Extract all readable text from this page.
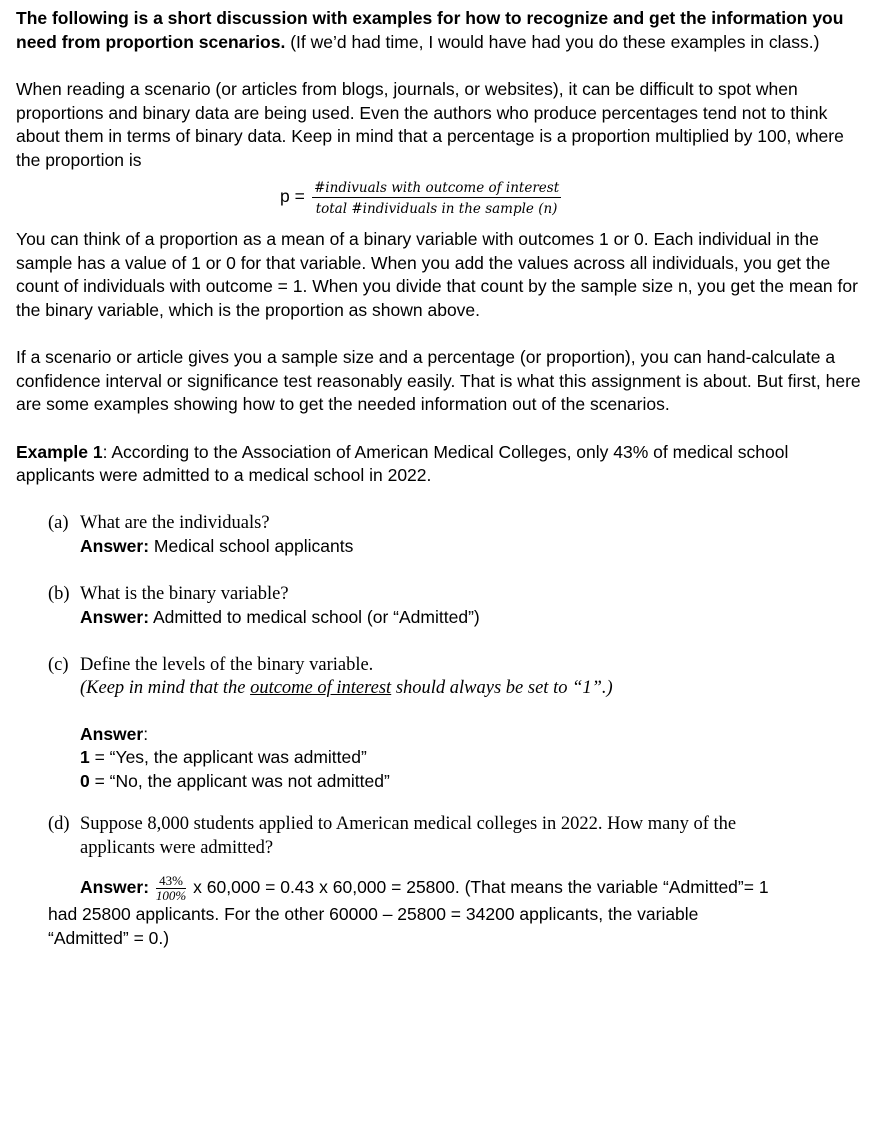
The following is a short discussion with examples for how to recognize and get the information you need from proportion scenarios. (If we’d had time, I would have had you do these examples in class.)

When reading a scenario (or articles from blogs, journals, or websites), it can be difficult to spot when proportions and binary data are being used. Even the authors who produce percentages tend not to think about them in terms of binary data. Keep in mind that a percentage is a proportion multiplied by 100, where the proportion is

p = #indivuals with outcome of interest
total #individuals in the sample (n)

You can think of a proportion as a mean of a binary variable with outcomes 1 or 0. Each individual in the sample has a value of 1 or 0 for that variable. When you add the values across all individuals, you get the count of individuals with outcome = 1. When you divide that count by the sample size n, you get the mean for the binary variable, which is the proportion as shown above.

If a scenario or article gives you a sample size and a percentage (or proportion), you can hand-calculate a confidence interval or significance test reasonably easily. That is what this assignment is about. But first, here are some examples showing how to get the needed information out of the scenarios.

Example 1: According to the Association of American Medical Colleges, only 43% of medical school applicants were admitted to a medical school in 2022.

(a) What are the individuals?
Answer: Medical school applicants
(b) What is the binary variable?
Answer: Admitted to medical school (or “Admitted”)
(c) Define the levels of the binary variable.
(Keep in mind that the outcome of interest should always be set to “1”.)
Answer:
1 = “Yes, the applicant was admitted”
0 = “No, the applicant was not admitted”
(d) Suppose 8,000 students applied to American medical colleges in 2022. How many of the
applicants were admitted?
Answer: $\frac{43\%}{100\%}$ x 60,000 = 0.43 x 60,000 = 25800. (That means the variable “Admitted”= 1
had 25800 applicants. For the other 60000 – 25800 = 34200 applicants, the variable
“Admitted” = 0.)
